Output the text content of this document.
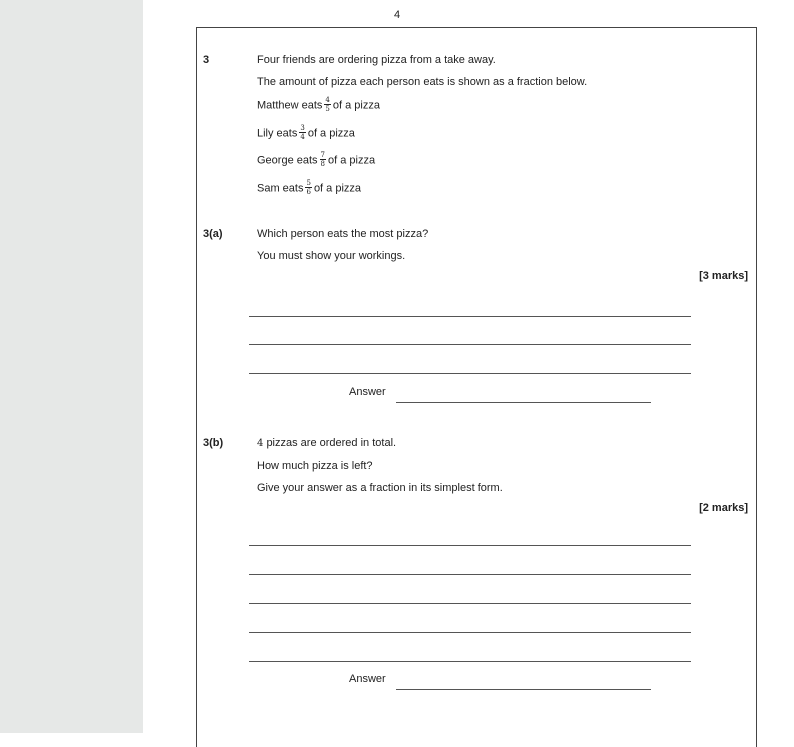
4
3	Four friends are ordering pizza from a take away.
The amount of pizza each person eats is shown as a fraction below.
Matthew eats $\frac{4}{5}$ of a pizza
Lily eats $\frac{3}{4}$ of a pizza
George eats $\frac{7}{8}$ of a pizza
Sam eats $\frac{5}{6}$ of a pizza
3(a)	Which person eats the most pizza?
You must show your workings.
[3 marks]
Answer
3(b)	4 pizzas are ordered in total.
How much pizza is left?
Give your answer as a fraction in its simplest form.
[2 marks]
Answer
